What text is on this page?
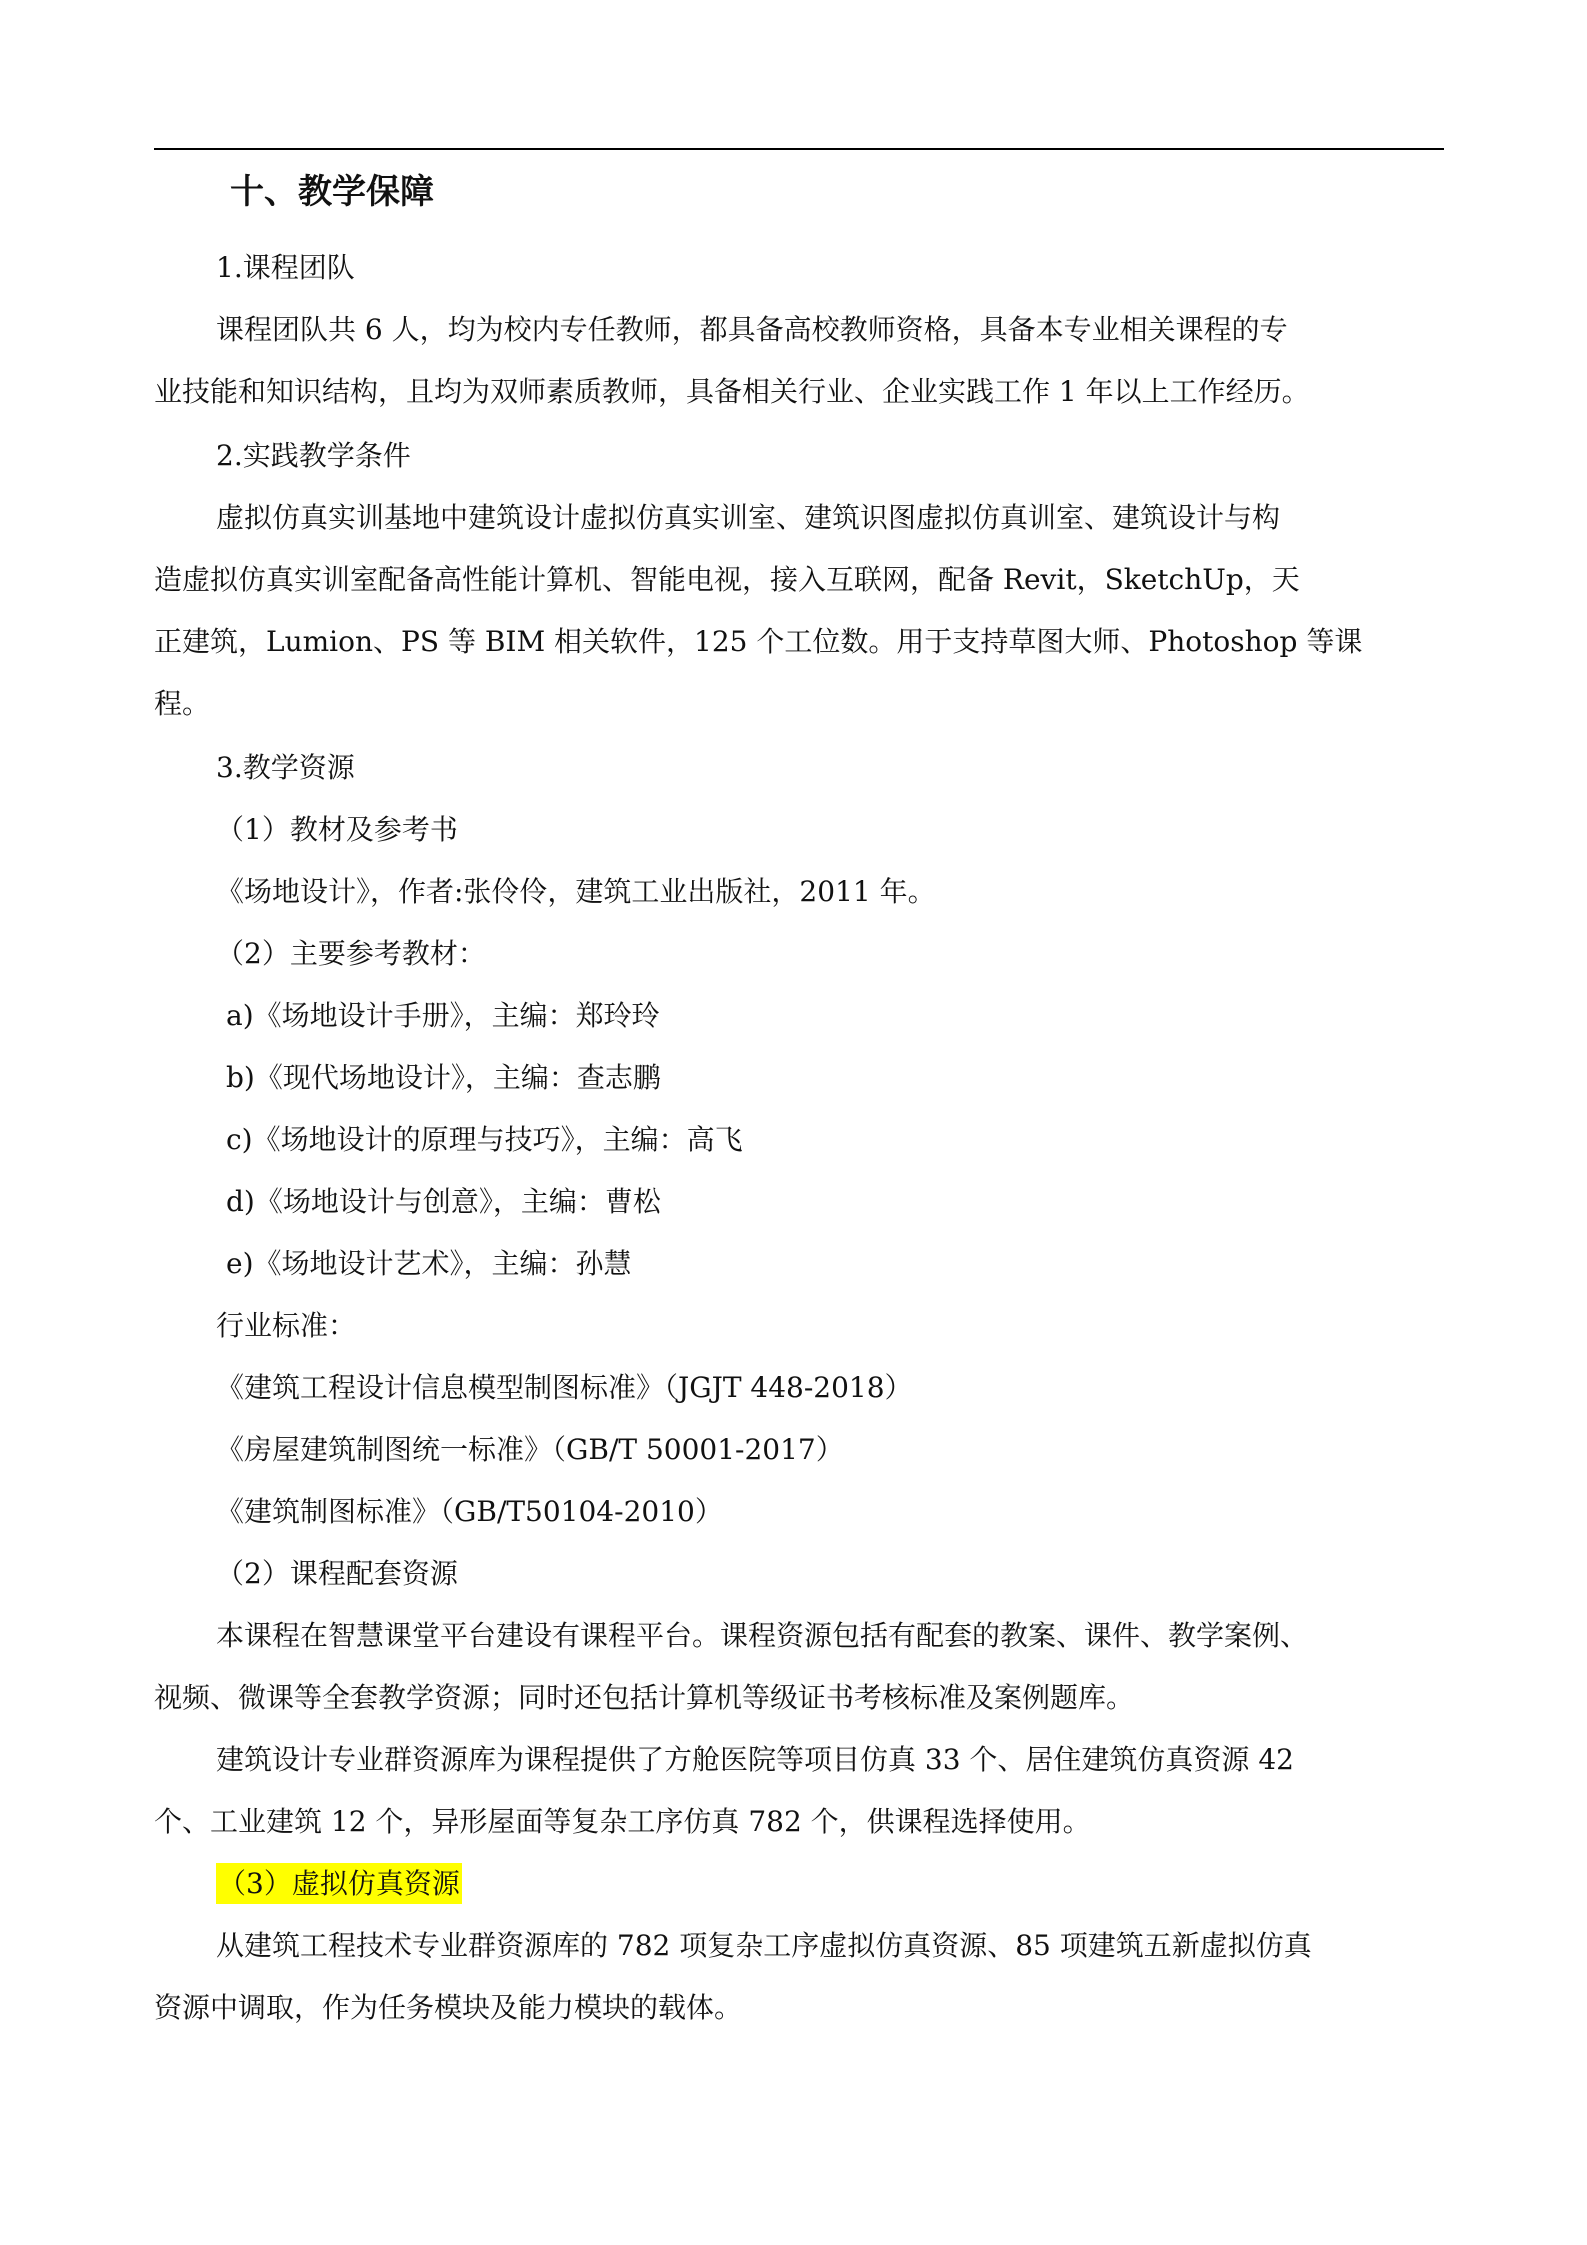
十、教学保障
1.课程团队
课程团队共 6 人，均为校内专任教师，都具备高校教师资格，具备本专业相关课程的专
业技能和知识结构，且均为双师素质教师，具备相关行业、企业实践工作 1 年以上工作经历。
2.实践教学条件
虚拟仿真实训基地中建筑设计虚拟仿真实训室、建筑识图虚拟仿真训室、建筑设计与构
造虚拟仿真实训室配备高性能计算机、智能电视，接入互联网，配备 Revit，SketchUp，天
正建筑，Lumion、PS 等 BIM 相关软件，125 个工位数。用于支持草图大师、Photoshop 等课
程。
3.教学资源
（1）教材及参考书
《场地设计》，作者:张伶伶，建筑工业出版社，2011 年。
（2）主要参考教材：
a)《场地设计手册》，主编：郑玲玲
b)《现代场地设计》，主编：查志鹏
c)《场地设计的原理与技巧》，主编：高飞
d)《场地设计与创意》，主编：曹松
e)《场地设计艺术》，主编：孙慧
行业标准：
《建筑工程设计信息模型制图标准》（JGJT 448-2018）
《房屋建筑制图统一标准》（GB/T 50001-2017）
《建筑制图标准》（GB/T50104-2010）
（2）课程配套资源
本课程在智慧课堂平台建设有课程平台。课程资源包括有配套的教案、课件、教学案例、
视频、微课等全套教学资源；同时还包括计算机等级证书考核标准及案例题库。
建筑设计专业群资源库为课程提供了方舱医院等项目仿真 33 个、居住建筑仿真资源 42
个、工业建筑 12 个，异形屋面等复杂工序仿真 782 个，供课程选择使用。
（3）虚拟仿真资源
从建筑工程技术专业群资源库的 782 项复杂工序虚拟仿真资源、85 项建筑五新虚拟仿真
资源中调取，作为任务模块及能力模块的载体。
